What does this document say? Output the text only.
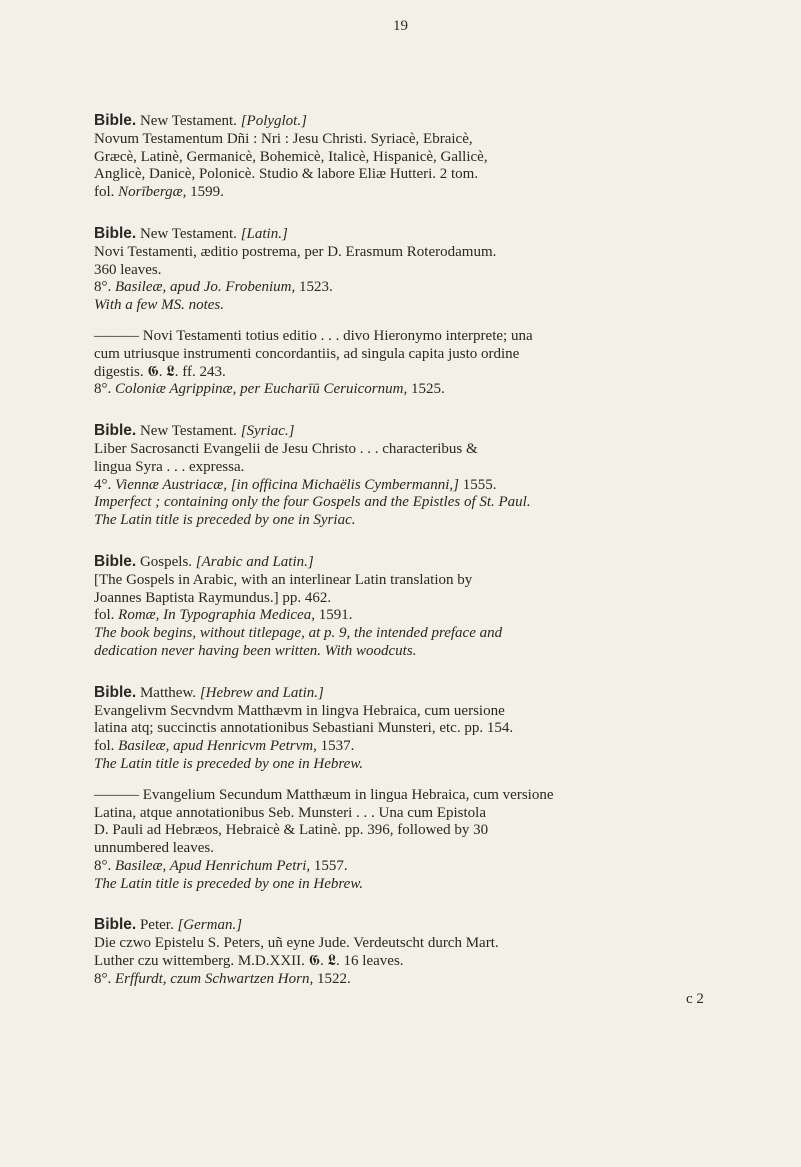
19

Bible. New Testament. [Polyglot.]

Novum Testamentum Dñi : Nri : Jesu Christi. Syriacè, Ebraicè,

Græcè, Latinè, Germanicè, Bohemicè, Italicè, Hispanicè, Gallicè,

Anglicè, Danicè, Polonicè. Studio & labore Eliæ Hutteri. 2 tom.

fol. Norībergæ, 1599.

Bible. New Testament. [Latin.]

Novi Testamenti, æditio postrema, per D. Erasmum Roterodamum.

360 leaves.

8°. Basileæ, apud Jo. Frobenium, 1523.

With a few MS. notes.

——— Novi Testamenti totius editio . . . divo Hieronymo interprete; una

cum utriusque instrumenti concordantiis, ad singula capita justo ordine

digestis. 𝕲. 𝕷. ff. 243.

8°. Coloniæ Agrippinæ, per Eucharīū Ceruicornum, 1525.

Bible. New Testament. [Syriac.]

Liber Sacrosancti Evangelii de Jesu Christo . . . characteribus &

lingua Syra . . . expressa.

4°. Viennæ Austriacæ, [in officina Michaëlis Cymbermanni,] 1555.

Imperfect ; containing only the four Gospels and the Epistles of St. Paul.

The Latin title is preceded by one in Syriac.

Bible. Gospels. [Arabic and Latin.]

[The Gospels in Arabic, with an interlinear Latin translation by

Joannes Baptista Raymundus.] pp. 462.

fol. Romæ, In Typographia Medicea, 1591.

The book begins, without titlepage, at p. 9, the intended preface and

dedication never having been written. With woodcuts.

Bible. Matthew. [Hebrew and Latin.]

Evangelivm Secvndvm Matthævm in lingva Hebraica, cum uersione

latina atq; succinctis annotationibus Sebastiani Munsteri, etc. pp. 154.

fol. Basileæ, apud Henricvm Petrvm, 1537.

The Latin title is preceded by one in Hebrew.

——— Evangelium Secundum Matthæum in lingua Hebraica, cum versione

Latina, atque annotationibus Seb. Munsteri . . . Una cum Epistola

D. Pauli ad Hebræos, Hebraicè & Latinè. pp. 396, followed by 30

unnumbered leaves.

8°. Basileæ, Apud Henrichum Petri, 1557.

The Latin title is preceded by one in Hebrew.

Bible. Peter. [German.]

Die czwo Epistelu S. Peters, uñ eyne Jude. Verdeutscht durch Mart.

Luther czu wittemberg. M.D.XXII. 𝕲. 𝕷. 16 leaves.

8°. Erffurdt, czum Schwartzen Horn, 1522.

c 2
